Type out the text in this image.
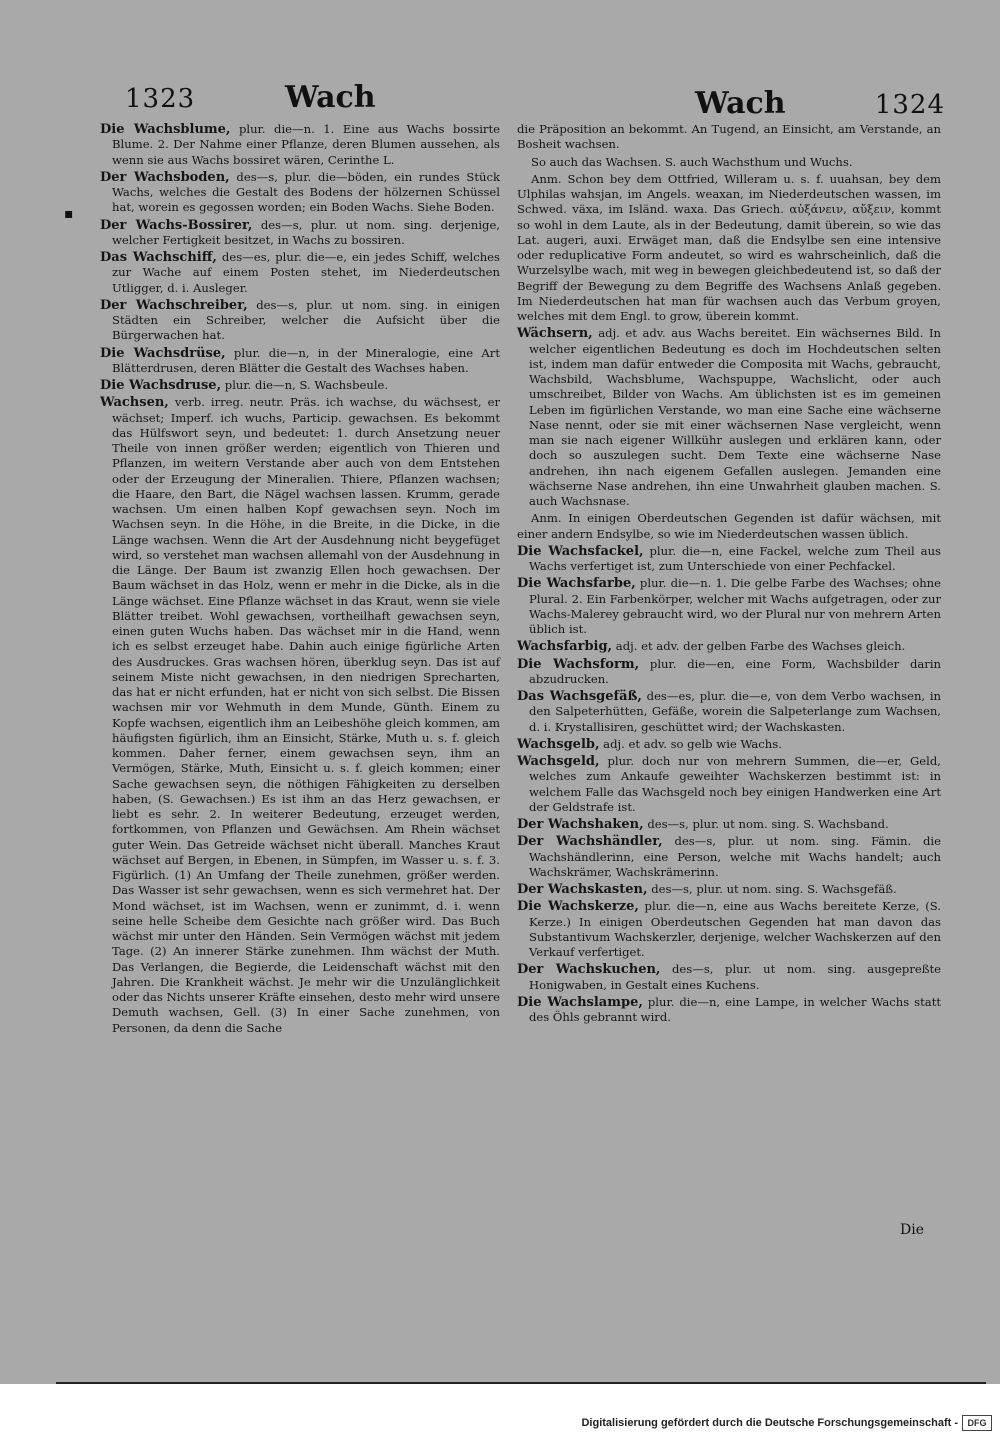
1323	Wach	Wach	1324
▪
Die Wachsblume, plur. die—n. 1. Eine aus Wachs bossirte Blume. 2. Der Nahme einer Pflanze, deren Blumen aussehen, als wenn sie aus Wachs bossiret wären, Cerinthe L.
Der Wachsboden, des—s, plur. die—böden, ein rundes Stück Wachs, welches die Gestalt des Bodens der hölzernen Schüssel hat, worein es gegossen worden; ein Boden Wachs. Siehe Boden.
Der Wachs-Bossirer, des—s, plur. ut nom. sing. derjenige, welcher Fertigkeit besitzet, in Wachs zu bossiren.
Das Wachschiff, des—es, plur. die—e, ein jedes Schiff, welches zur Wache auf einem Posten stehet, im Niederdeutschen Utligger, d. i. Ausleger.
Der Wachschreiber, des—s, plur. ut nom. sing. in einigen Städten ein Schreiber, welcher die Aufsicht über die Bürgerwachen hat.
Die Wachsdrüse, plur. die—n, in der Mineralogie, eine Art Blätterdrusen, deren Blätter die Gestalt des Wachses haben.
Die Wachsdruse, plur. die—n, S. Wachsbeule.
Wachsen, verb. irreg. neutr. Präs. ich wachse, du wächsest, er wächset; Imperf. ich wuchs, Particip. gewachsen. Es bekommt das Hülfswort seyn, und bedeutet: 1. durch Ansetzung neuer Theile von innen größer werden; eigentlich von Thieren und Pflanzen, im weitern Verstande aber auch von dem Entstehen oder der Erzeugung der Mineralien. Thiere, Pflanzen wachsen; die Haare, den Bart, die Nägel wachsen lassen. Krumm, gerade wachsen. Um einen halben Kopf gewachsen seyn. Noch im Wachsen seyn. In die Höhe, in die Breite, in die Dicke, in die Länge wachsen. Wenn die Art der Ausdehnung nicht beygefüget wird, so verstehet man wachsen allemahl von der Ausdehnung in die Länge. Der Baum ist zwanzig Ellen hoch gewachsen. Der Baum wächset in das Holz, wenn er mehr in die Dicke, als in die Länge wächset. Eine Pflanze wächset in das Kraut, wenn sie viele Blätter treibet. Wohl gewachsen, vortheilhaft gewachsen seyn, einen guten Wuchs haben. Das wächset mir in die Hand, wenn ich es selbst erzeuget habe. Dahin auch einige figürliche Arten des Ausdruckes. Gras wachsen hören, überklug seyn. Das ist auf seinem Miste nicht gewachsen, in den niedrigen Sprecharten, das hat er nicht erfunden, hat er nicht von sich selbst. Die Bissen wachsen mir vor Wehmuth in dem Munde, Günth. Einem zu Kopfe wachsen, eigentlich ihm an Leibeshöhe gleich kommen, am häufigsten figürlich, ihm an Einsicht, Stärke, Muth u. s. f. gleich kommen. Daher ferner, einem gewachsen seyn, ihm an Vermögen, Stärke, Muth, Einsicht u. s. f. gleich kommen; einer Sache gewachsen seyn, die nöthigen Fähigkeiten zu derselben haben, (S. Gewachsen.) Es ist ihm an das Herz gewachsen, er liebt es sehr. 2. In weiterer Bedeutung, erzeuget werden, fortkommen, von Pflanzen und Gewächsen. Am Rhein wächset guter Wein. Das Getreide wächset nicht überall. Manches Kraut wächset auf Bergen, in Ebenen, in Sümpfen, im Wasser u. s. f. 3. Figürlich. (1) An Umfang der Theile zunehmen, größer werden. Das Wasser ist sehr gewachsen, wenn es sich vermehret hat. Der Mond wächset, ist im Wachsen, wenn er zunimmt, d. i. wenn seine helle Scheibe dem Gesichte nach größer wird. Das Buch wächst mir unter den Händen. Sein Vermögen wächst mit jedem Tage. (2) An innerer Stärke zunehmen. Ihm wächst der Muth. Das Verlangen, die Begierde, die Leidenschaft wächst mit den Jahren. Die Krankheit wächst. Je mehr wir die Unzulänglichkeit oder das Nichts unserer Kräfte einsehen, desto mehr wird unsere Demuth wachsen, Gell. (3) In einer Sache zunehmen, von Personen, da denn die Sache
die Präposition an bekommt. An Tugend, an Einsicht, am Verstande, an Bosheit wachsen.
So auch das Wachsen. S. auch Wachsthum und Wuchs.
Anm. Schon bey dem Ottfried, Willeram u. s. f. uuahsan, bey dem Ulphilas wahsjan, im Angels. weaxan, im Niederdeutschen wassen, im Schwed. växa, im Isländ. waxa. Das Griech. αὐξάνειν, αὔξειν, kommt so wohl in dem Laute, als in der Bedeutung, damit überein, so wie das Lat. augeri, auxi. Erwäget man, daß die Endsylbe sen eine intensive oder reduplicative Form andeutet, so wird es wahrscheinlich, daß die Wurzelsylbe wach, mit weg in bewegen gleichbedeutend ist, so daß der Begriff der Bewegung zu dem Begriffe des Wachsens Anlaß gegeben. Im Niederdeutschen hat man für wachsen auch das Verbum groyen, welches mit dem Engl. to grow, überein kommt.
Wächsern, adj. et adv. aus Wachs bereitet. Ein wächsernes Bild. In welcher eigentlichen Bedeutung es doch im Hochdeutschen selten ist, indem man dafür entweder die Composita mit Wachs, gebraucht, Wachsbild, Wachsblume, Wachspuppe, Wachslicht, oder auch umschreibet, Bilder von Wachs. Am üblichsten ist es im gemeinen Leben im figürlichen Verstande, wo man eine Sache eine wächserne Nase nennt, oder sie mit einer wächsernen Nase vergleicht, wenn man sie nach eigener Willkühr auslegen und erklären kann, oder doch so auszulegen sucht. Dem Texte eine wächserne Nase andrehen, ihn nach eigenem Gefallen auslegen. Jemanden eine wächserne Nase andrehen, ihn eine Unwahrheit glauben machen. S. auch Wachsnase.
Anm. In einigen Oberdeutschen Gegenden ist dafür wächsen, mit einer andern Endsylbe, so wie im Niederdeutschen wassen üblich.
Die Wachsfackel, plur. die—n, eine Fackel, welche zum Theil aus Wachs verfertiget ist, zum Unterschiede von einer Pechfackel.
Die Wachsfarbe, plur. die—n. 1. Die gelbe Farbe des Wachses; ohne Plural. 2. Ein Farbenkörper, welcher mit Wachs aufgetragen, oder zur Wachs-Malerey gebraucht wird, wo der Plural nur von mehrern Arten üblich ist.
Wachsfarbig, adj. et adv. der gelben Farbe des Wachses gleich.
Die Wachsform, plur. die—en, eine Form, Wachsbilder darin abzudrucken.
Das Wachsgefäß, des—es, plur. die—e, von dem Verbo wachsen, in den Salpeterhütten, Gefäße, worein die Salpeterlange zum Wachsen, d. i. Krystallisiren, geschüttet wird; der Wachskasten.
Wachsgelb, adj. et adv. so gelb wie Wachs.
Wachsgeld, plur. doch nur von mehrern Summen, die—er, Geld, welches zum Ankaufe geweihter Wachskerzen bestimmt ist: in welchem Falle das Wachsgeld noch bey einigen Handwerken eine Art der Geldstrafe ist.
Der Wachshaken, des—s, plur. ut nom. sing. S. Wachsband.
Der Wachshändler, des—s, plur. ut nom. sing. Fämin. die Wachshändlerinn, eine Person, welche mit Wachs handelt; auch Wachskrämer, Wachskrämerinn.
Der Wachskasten, des—s, plur. ut nom. sing. S. Wachsgefäß.
Die Wachskerze, plur. die—n, eine aus Wachs bereitete Kerze, (S. Kerze.) In einigen Oberdeutschen Gegenden hat man davon das Substantivum Wachskerzler, derjenige, welcher Wachskerzen auf den Verkauf verfertiget.
Der Wachskuchen, des—s, plur. ut nom. sing. ausgepreßte Honigwaben, in Gestalt eines Kuchens.
Die Wachslampe, plur. die—n, eine Lampe, in welcher Wachs statt des Öhls gebrannt wird.
Die
Digitalisierung gefördert durch die Deutsche Forschungsgemeinschaft -	DFG
